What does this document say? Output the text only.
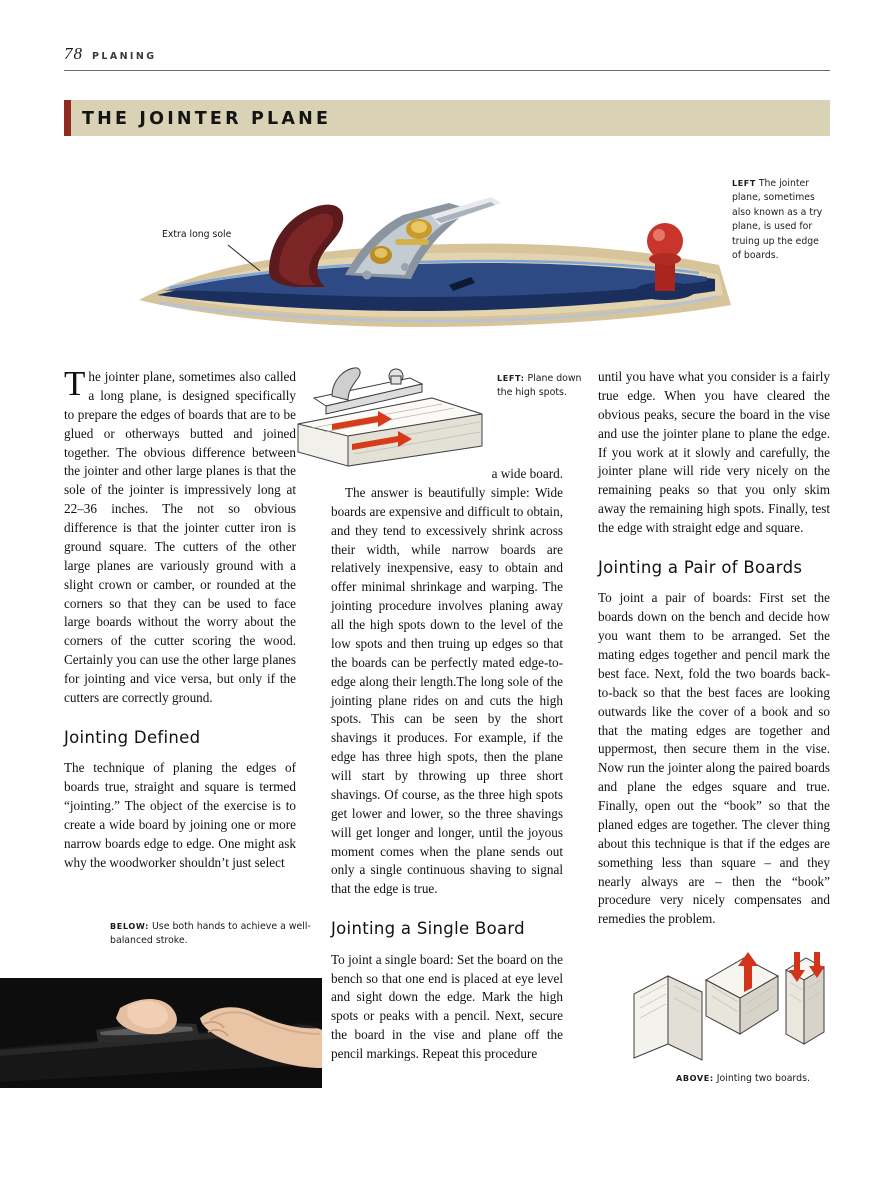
78 PLANING
THE JOINTER PLANE
Extra long sole
LEFT The jointer plane, sometimes also known as a try plane, is used for truing up the edge of boards.

The jointer plane, sometimes also called a long plane, is designed specifically to prepare the edges of boards that are to be glued or otherways butted and joined together. The obvious difference between the jointer and other large planes is that the sole of the jointer is impressively long at 22–36 inches. The not so obvious difference is that the jointer cutter iron is ground square. The cutters of the other large planes are variously ground with a slight crown or camber, or rounded at the corners so that they can be used to face large boards without the worry about the corners of the cutter scoring the wood. Certainly you can use the other large planes for jointing and vice versa, but only if the cutters are correctly ground.

Jointing Defined

The technique of planing the edges of boards true, straight and square is termed “jointing.” The object of the exercise is to create a wide board by joining one or more narrow boards edge to edge. One might ask why the woodworker shouldn’t just select

BELOW: Use both hands to achieve a well-balanced stroke.
LEFT: Plane down the high spots.

a wide board.

The answer is beautifully simple: Wide boards are expensive and difficult to obtain, and they tend to excessively shrink across their width, while narrow boards are relatively inexpensive, easy to obtain and offer minimal shrinkage and warping. The jointing procedure involves planing away all the high spots down to the level of the low spots and then truing up edges so that the boards can be perfectly mated edge-to-edge along their length.The long sole of the jointing plane rides on and cuts the high spots. This can be seen by the short shavings it produces. For example, if the edge has three high spots, then the plane will start by throwing up three short shavings. Of course, as the three high spots get lower and lower, so the three shavings will get longer and longer, until the joyous moment comes when the plane sends out only a single continuous shaving to signal that the edge is true.

Jointing a Single Board

To joint a single board: Set the board on the bench so that one end is placed at eye level and sight down the edge. Mark the high spots or peaks with a pencil. Next, secure the board in the vise and plane off the pencil markings. Repeat this procedure

until you have what you consider is a fairly true edge. When you have cleared the obvious peaks, secure the board in the vise and use the jointer plane to plane the edge. If you work at it slowly and carefully, the jointer plane will ride very nicely on the remaining peaks so that you only skim away the remaining high spots. Finally, test the edge with straight edge and square.

Jointing a Pair of Boards

To joint a pair of boards: First set the boards down on the bench and decide how you want them to be arranged. Set the mating edges together and pencil mark the best face. Next, fold the two boards back-to-back so that the best faces are looking outwards like the cover of a book and so that the mating edges are together and uppermost, then secure them in the vise. Now run the jointer along the paired boards and plane the edges square and true. Finally, open out the “book” so that the planed edges are together. The clever thing about this technique is that if the edges are something less than square – and they nearly always are – then the “book” procedure very nicely compensates and remedies the problem.

ABOVE: Jointing two boards.
